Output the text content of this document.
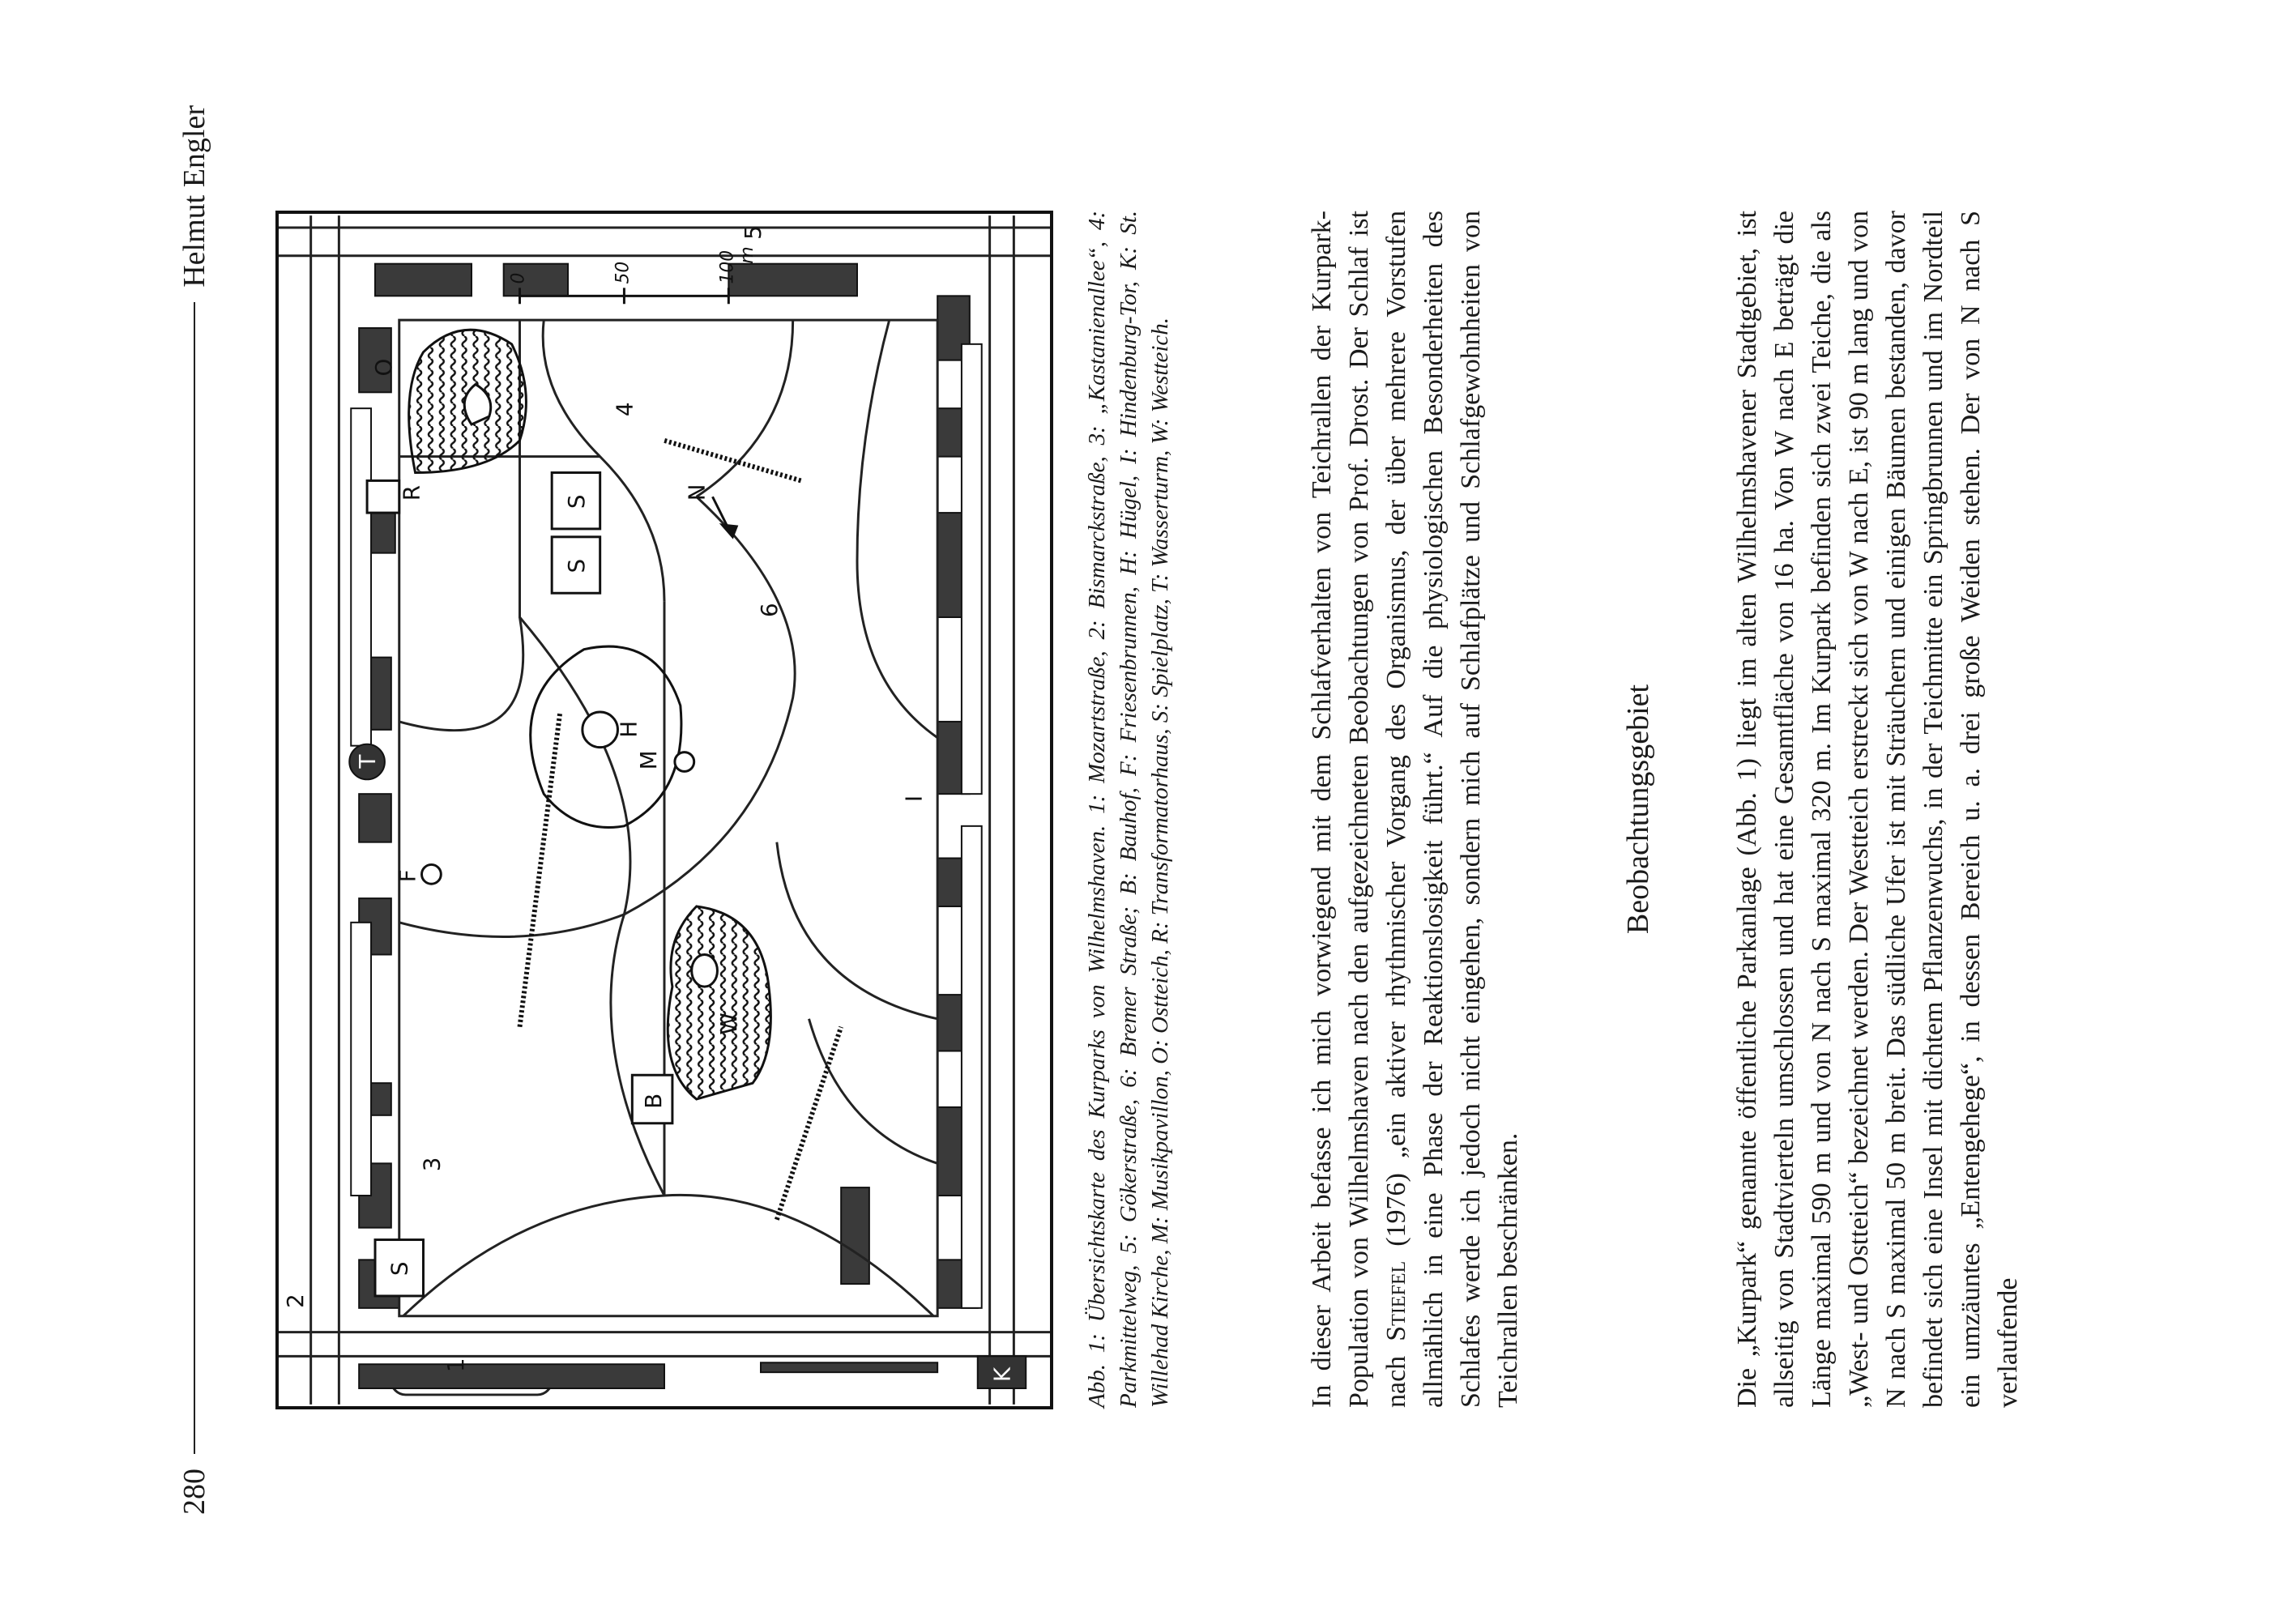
280
Helmut Engler
R	N
S
S
S
O
H
M
W
B
F
T
K
I
1
2
3
4
5
6
0	50	100 m	Abb. 1: Übersichtskarte des Kurparks von Wilhelmshaven. 1: Mozartstraße, 2: Bismarckstraße, 3: „Kastanienallee“, 4: Parkmittelweg, 5: Gökerstraße, 6: Bremer Straße; B: Bauhof, F: Friesenbrunnen, H: Hügel, I: Hindenburg-Tor, K: St. Willehad Kirche, M: Musikpavillon, O: Ostteich, R: Transformatorhaus, S: Spielplatz, T: Wasserturm, W: Westteich.	In dieser Arbeit befasse ich mich vorwiegend mit dem Schlafverhalten von Teichrallen der Kurpark-Population von Wilhelmshaven nach den aufgezeichneten Beobachtungen von Prof. Drost. Der Schlaf ist nach Stiefel (1976) „ein aktiver rhythmischer Vorgang des Organismus, der über mehrere Vorstufen allmählich in eine Phase der Reaktionslosigkeit führt.“ Auf die physiologischen Besonderheiten des Schlafes werde ich jedoch nicht eingehen, sondern mich auf Schlafplätze und Schlafgewohnheiten von Teichrallen beschränken.

Beobachtungsgebiet	Die „Kurpark“ genannte öffentliche Parkanlage (Abb. 1) liegt im alten Wilhelmshavener Stadtgebiet, ist allseitig von Stadtvierteln umschlossen und hat eine Gesamtfläche von 16 ha. Von W nach E beträgt die Länge maximal 590 m und von N nach S maximal 320 m. Im Kurpark befinden sich zwei Teiche, die als „West- und Ostteich“ bezeichnet werden. Der Westteich erstreckt sich von W nach E, ist 90 m lang und von N nach S maximal 50 m breit. Das südliche Ufer ist mit Sträuchern und einigen Bäumen bestanden, davor befindet sich eine Insel mit dichtem Pflanzenwuchs, in der Teichmitte ein Springbrunnen und im Nordteil ein umzäuntes „Entengehege“, in dessen Bereich u. a. drei große Weiden stehen. Der von N nach S verlaufende
